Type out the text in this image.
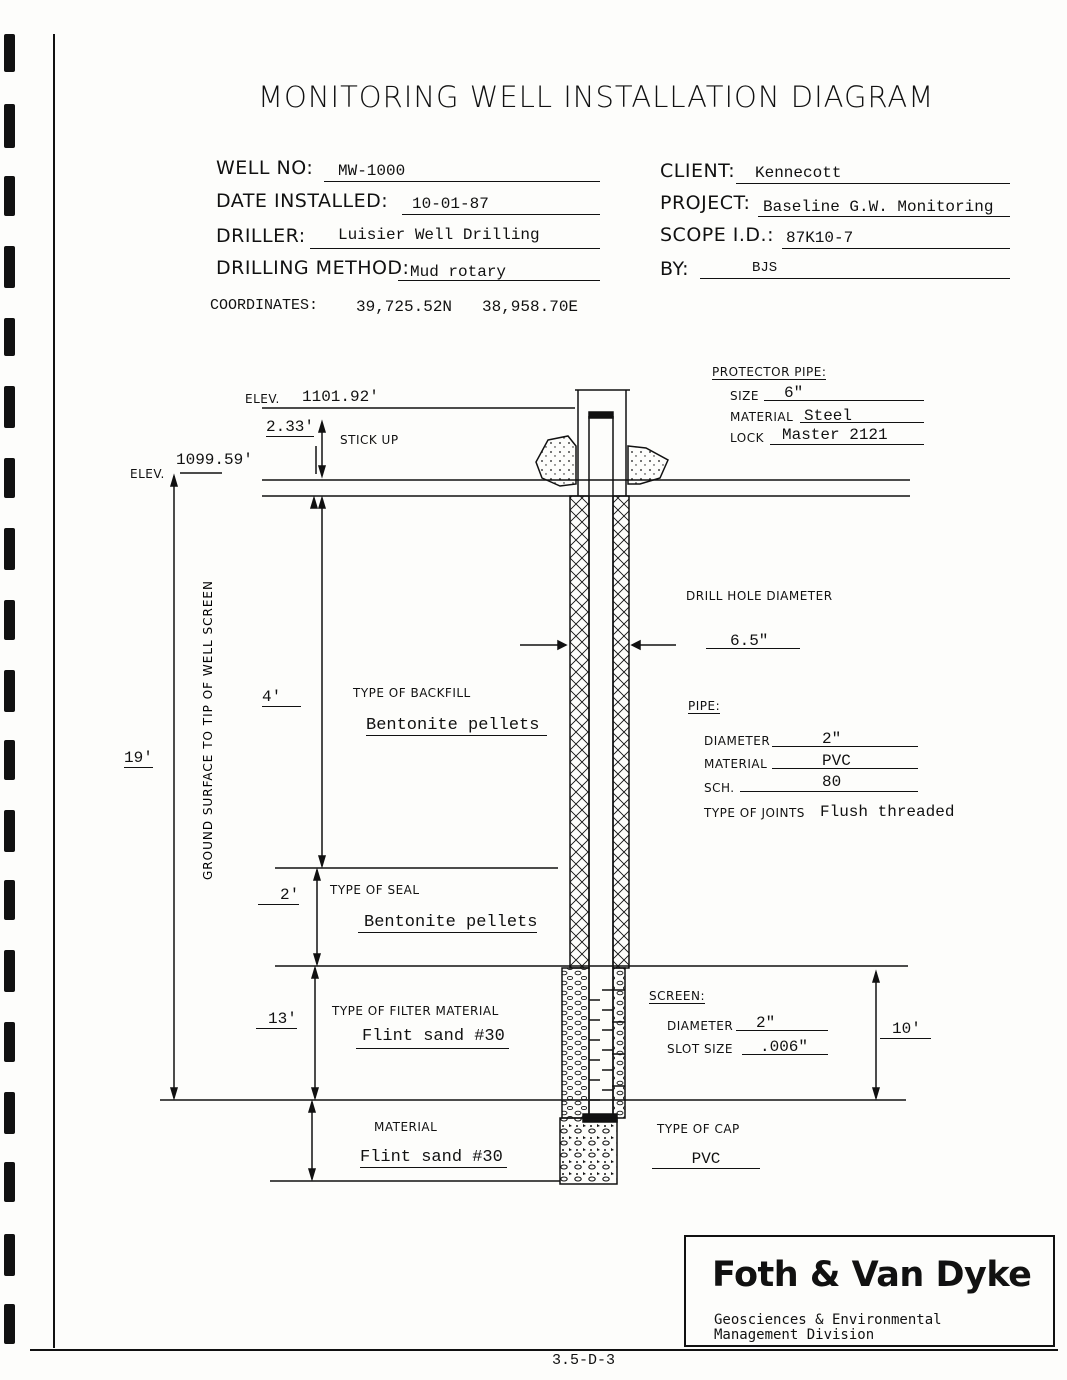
MONITORING WELL INSTALLATION DIAGRAM
WELL NO: MW-1000
DATE INSTALLED: 10-01-87
DRILLER: Luisier Well Drilling
DRILLING METHOD: Mud rotary
COORDINATES: 39,725.52N 38,958.70E
CLIENT: Kennecott
PROJECT: Baseline G.W. Monitoring
SCOPE I.D.: 87K10-7
BY:	BJS
ELEV. 1101.92'
2.33'
STICK UP
ELEV.
1099.59'
GROUND SURFACE TO TIP OF WELL SCREEN
19'
PROTECTOR PIPE:
SIZE 6"
MATERIAL Steel
LOCK Master 2121
DRILL HOLE DIAMETER
6.5"
4'	TYPE OF BACKFILL
Bentonite pellets
PIPE:
DIAMETER	2"
MATERIAL	PVC
SCH.	80
TYPE OF JOINTS Flush threaded
2'	TYPE OF SEAL
Bentonite pellets
13'	TYPE OF FILTER MATERIAL
Flint sand #30
SCREEN:
DIAMETER 2"
SLOT SIZE .006"
10'
MATERIAL
Flint sand #30
TYPE OF CAP
PVC
Foth & Van Dyke
Geosciences & Environmental
Management Division
3.5-D-3
